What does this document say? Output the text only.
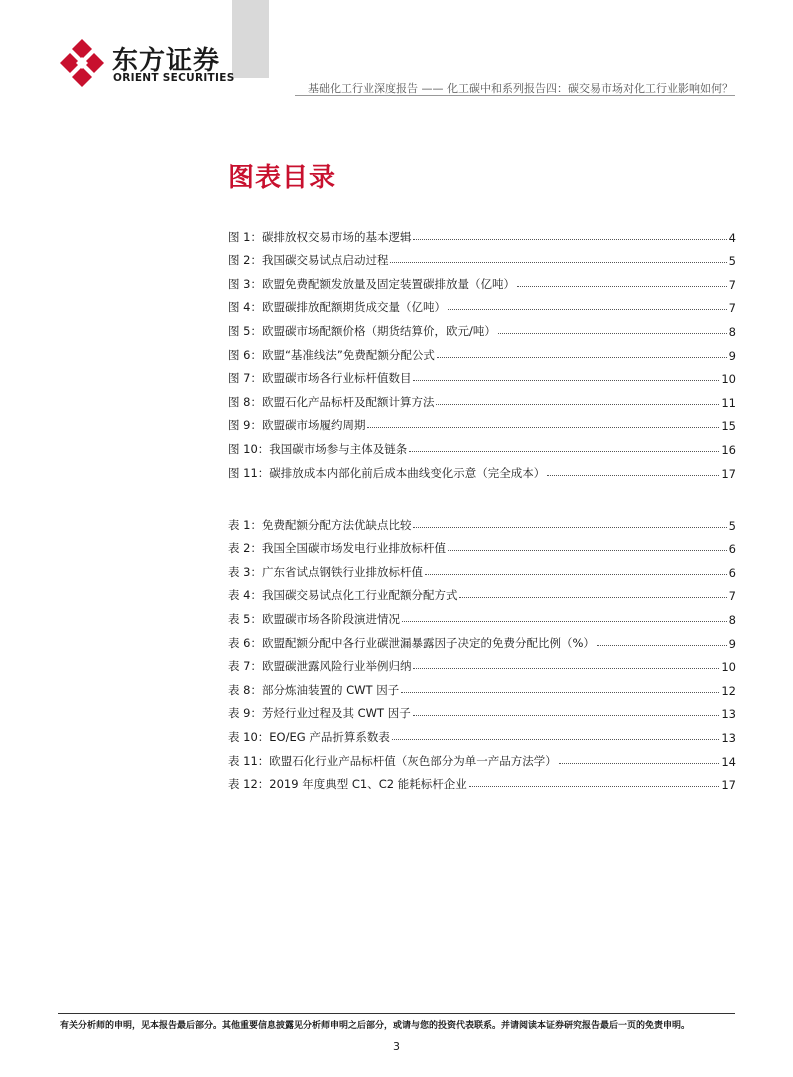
东方证券
ORIENT SECURITIES
基础化工行业深度报告 —— 化工碳中和系列报告四：碳交易市场对化工行业影响如何？
图表目录
图 1：碳排放权交易市场的基本逻辑	4
图 2：我国碳交易试点启动过程	5
图 3：欧盟免费配额发放量及固定装置碳排放量（亿吨）	7
图 4：欧盟碳排放配额期货成交量（亿吨）	7
图 5：欧盟碳市场配额价格（期货结算价，欧元/吨）	8
图 6：欧盟“基准线法”免费配额分配公式	9
图 7：欧盟碳市场各行业标杆值数目	10
图 8：欧盟石化产品标杆及配额计算方法	11
图 9：欧盟碳市场履约周期	15
图 10：我国碳市场参与主体及链条	16
图 11：碳排放成本内部化前后成本曲线变化示意（完全成本）	17
表 1：免费配额分配方法优缺点比较	5
表 2：我国全国碳市场发电行业排放标杆值	6
表 3：广东省试点钢铁行业排放标杆值	6
表 4：我国碳交易试点化工行业配额分配方式	7
表 5：欧盟碳市场各阶段演进情况	8
表 6：欧盟配额分配中各行业碳泄漏暴露因子决定的免费分配比例（%）	9
表 7：欧盟碳泄露风险行业举例归纳	10
表 8：部分炼油装置的 CWT 因子	12
表 9：芳烃行业过程及其 CWT 因子	13
表 10：EO/EG 产品折算系数表	13
表 11：欧盟石化行业产品标杆值（灰色部分为单一产品方法学）	14
表 12：2019 年度典型 C1、C2 能耗标杆企业	17
有关分析师的申明，见本报告最后部分。其他重要信息披露见分析师申明之后部分，或请与您的投资代表联系。并请阅读本证券研究报告最后一页的免责申明。
3
